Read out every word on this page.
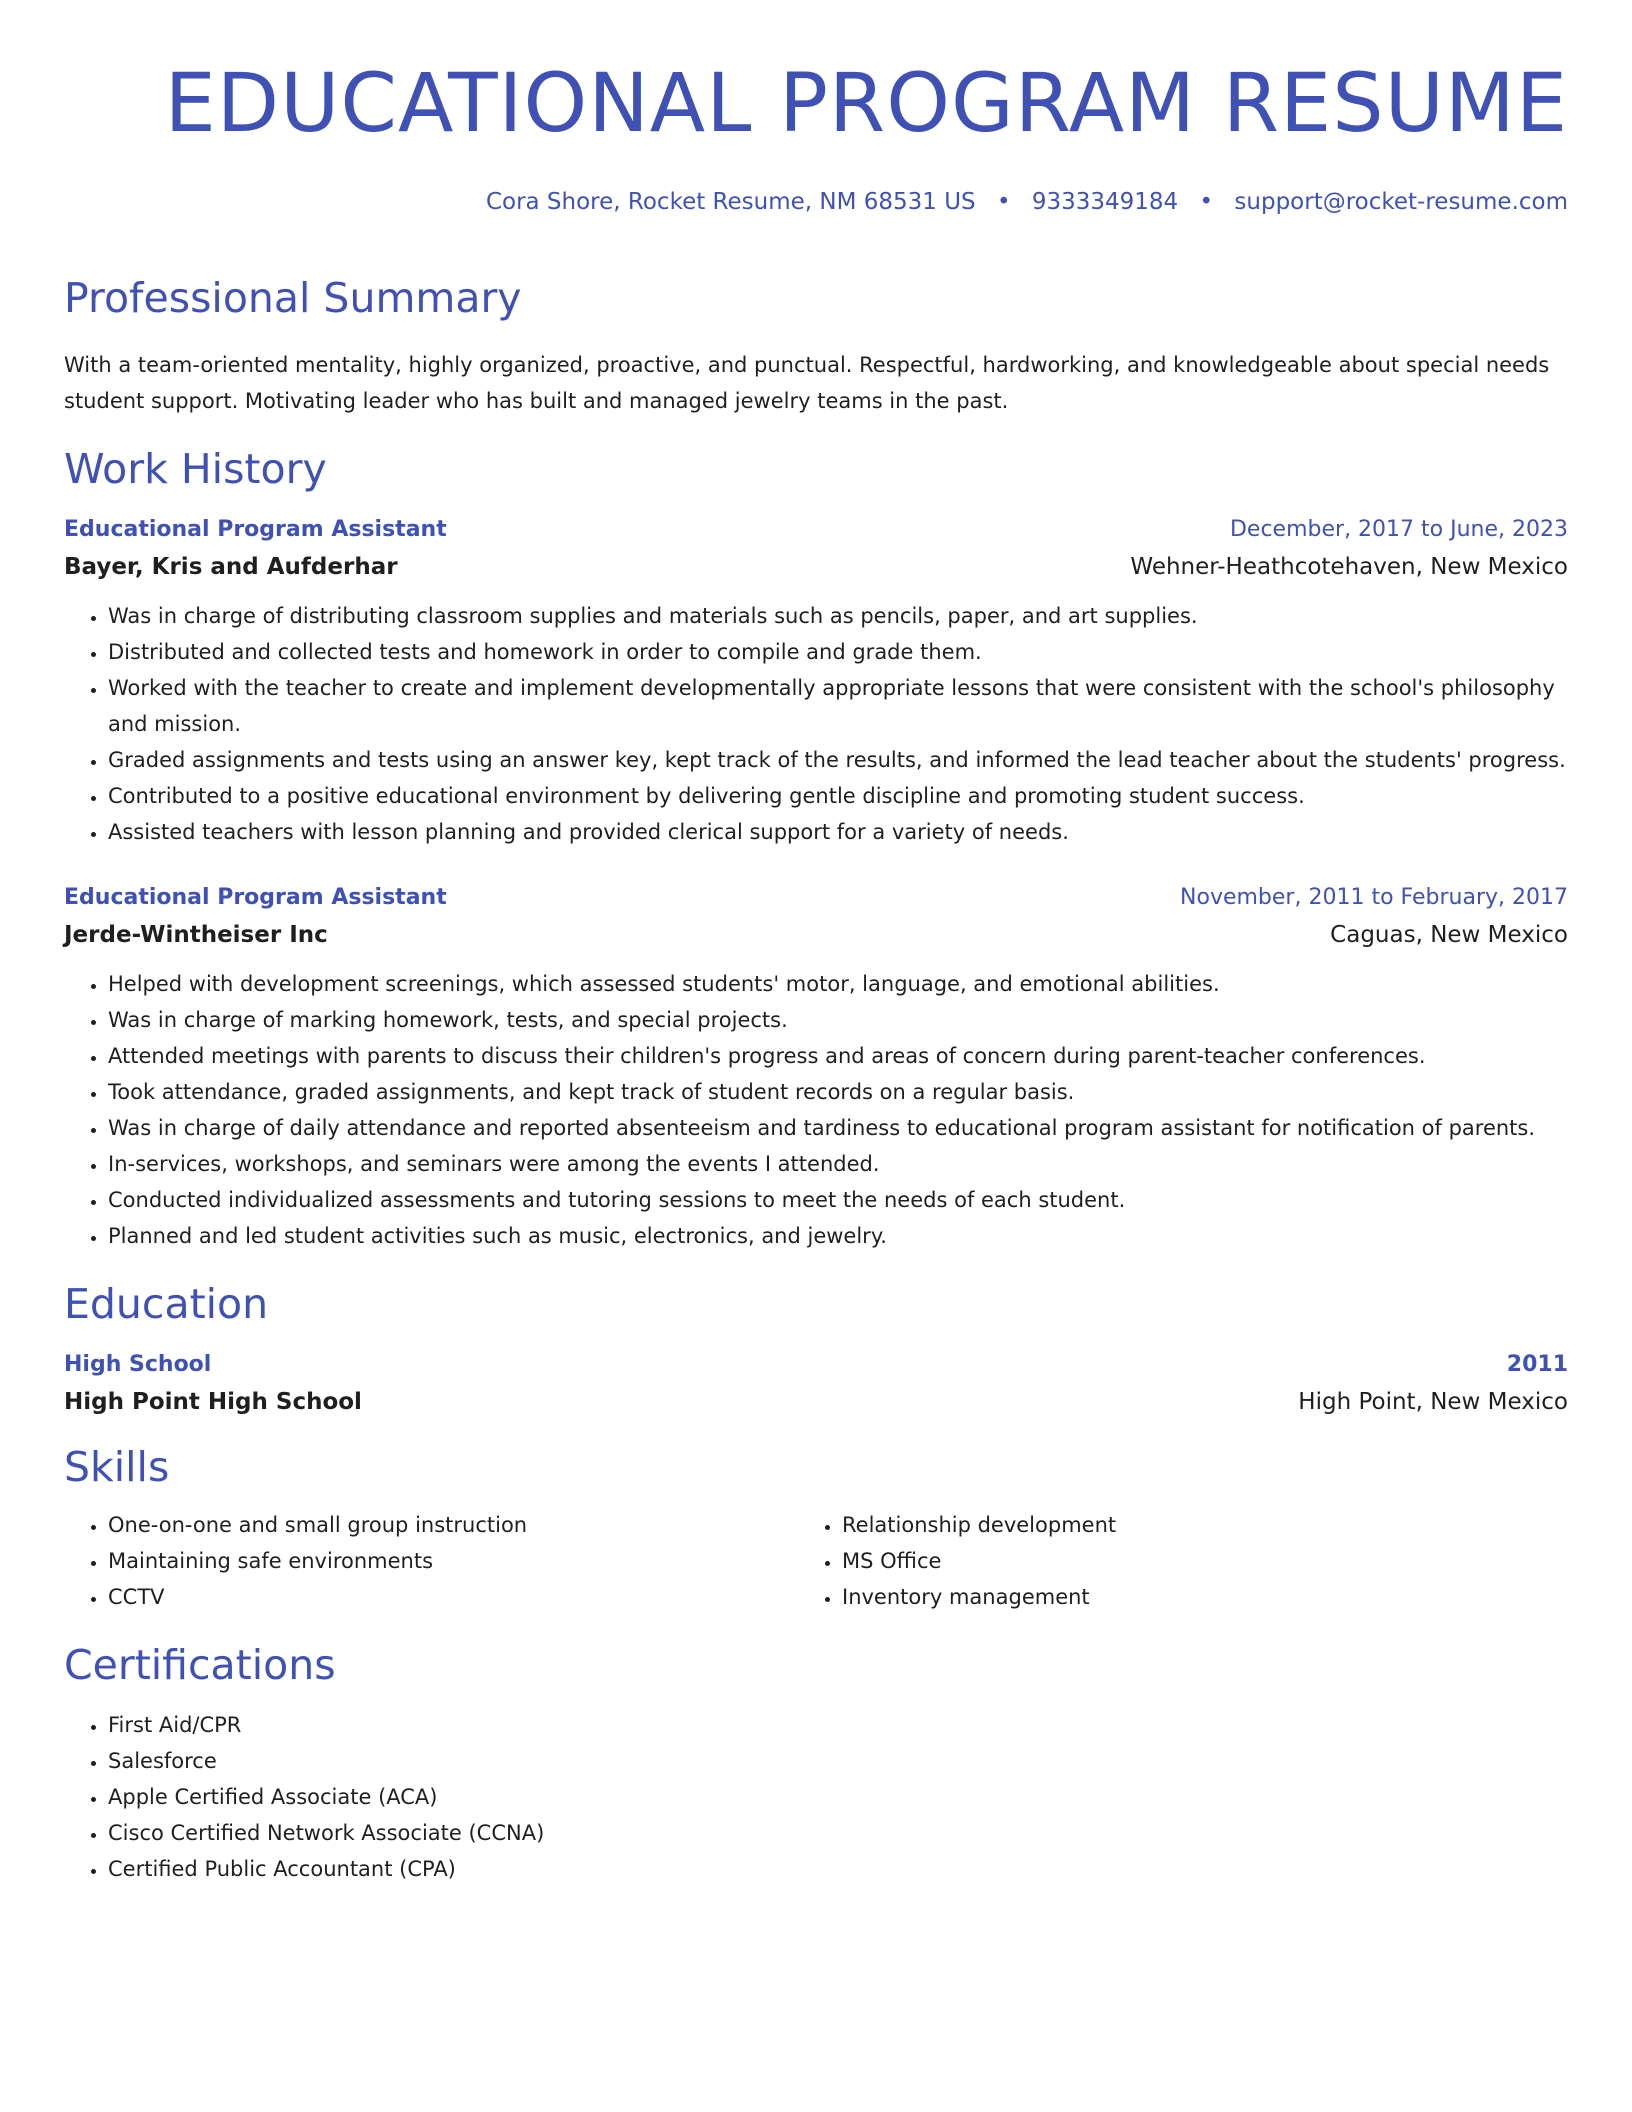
EDUCATIONAL PROGRAM RESUME
Cora Shore, Rocket Resume, NM 68531 US • 9333349184 • support@rocket-resume.com
Professional Summary

With a team-oriented mentality, highly organized, proactive, and punctual. Respectful, hardworking, and knowledgeable about special needs student support. Motivating leader who has built and managed jewelry teams in the past.

Work History
Educational Program Assistant	December, 2017 to June, 2023
Bayer, Kris and Aufderhar	Wehner-Heathcotehaven, New Mexico
• Was in charge of distributing classroom supplies and materials such as pencils, paper, and art supplies.
• Distributed and collected tests and homework in order to compile and grade them.
• Worked with the teacher to create and implement developmentally appropriate lessons that were consistent with the school's philosophy and mission.
• Graded assignments and tests using an answer key, kept track of the results, and informed the lead teacher about the students' progress.
• Contributed to a positive educational environment by delivering gentle discipline and promoting student success.
• Assisted teachers with lesson planning and provided clerical support for a variety of needs.
Educational Program Assistant	November, 2011 to February, 2017
Jerde-Wintheiser Inc	Caguas, New Mexico
• Helped with development screenings, which assessed students' motor, language, and emotional abilities.
• Was in charge of marking homework, tests, and special projects.
• Attended meetings with parents to discuss their children's progress and areas of concern during parent-teacher conferences.
• Took attendance, graded assignments, and kept track of student records on a regular basis.
• Was in charge of daily attendance and reported absenteeism and tardiness to educational program assistant for notification of parents.
• In-services, workshops, and seminars were among the events I attended.
• Conducted individualized assessments and tutoring sessions to meet the needs of each student.
• Planned and led student activities such as music, electronics, and jewelry.
Education
High School	2011
High Point High School	High Point, New Mexico
Skills
• One-on-one and small group instruction
• Maintaining safe environments
• CCTV
• Relationship development
• MS Office
• Inventory management
Certifications
• First Aid/CPR
• Salesforce
• Apple Certified Associate (ACA)
• Cisco Certified Network Associate (CCNA)
• Certified Public Accountant (CPA)
